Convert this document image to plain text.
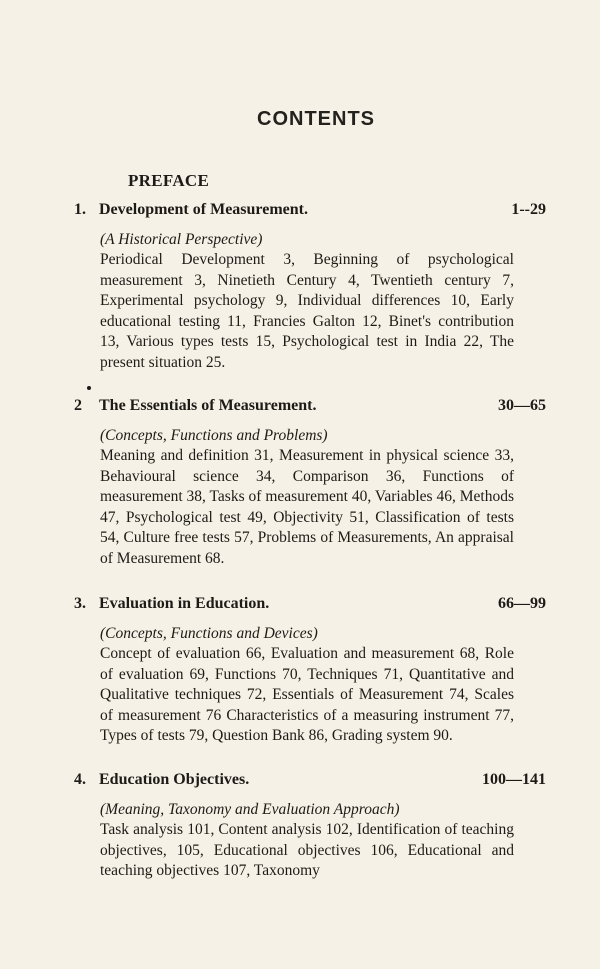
CONTENTS
PREFACE
1. Development of Measurement.	1--29
(A Historical Perspective)
Periodical Development 3, Beginning of psychological measurement 3, Ninetieth Century 4, Twentieth century 7, Experimental psychology 9, Individual differences 10, Early educational testing 11, Francies Galton 12, Binet's contribution 13, Various types tests 15, Psychological test in India 22, The present situation 25.
2 The Essentials of Measurement.	30—65
(Concepts, Functions and Problems)
Meaning and definition 31, Measurement in physical science 33, Behavioural science 34, Comparison 36, Functions of measurement 38, Tasks of measurement 40, Variables 46, Methods 47, Psychological test 49, Objectivity 51, Classification of tests 54, Culture free tests 57, Problems of Measurements, An appraisal of Measurement 68.
3. Evaluation in Education.	66—99
(Concepts, Functions and Devices)
Concept of evaluation 66, Evaluation and measurement 68, Role of evaluation 69, Functions 70, Techniques 71, Quantitative and Qualitative techniques 72, Essentials of Measurement 74, Scales of measurement 76 Characteristics of a measuring instrument 77, Types of tests 79, Question Bank 86, Grading system 90.
4. Education Objectives.	100—141
(Meaning, Taxonomy and Evaluation Approach)
Task analysis 101, Content analysis 102, Identification of teaching objectives, 105, Educational objectives 106, Educational and teaching objectives 107, Taxonomy
